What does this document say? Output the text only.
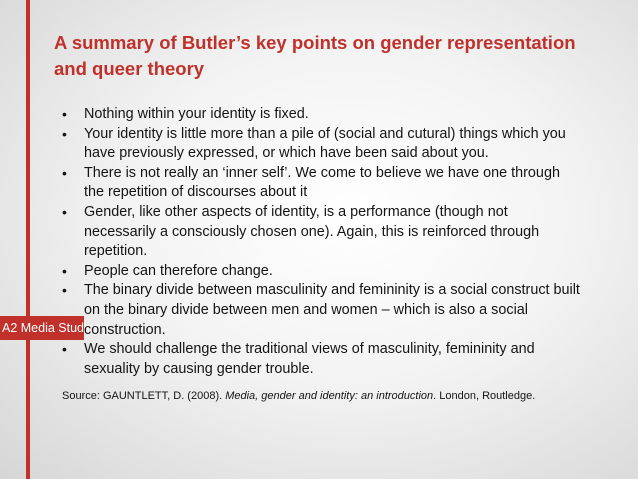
A2 Media Studies
A summary of Butler’s key points on gender representation
and queer theory
• Nothing within your identity is fixed.
• Your identity is little more than a pile of (social and cutural) things which you have previously expressed, or which have been said about you.
• There is not really an ‘inner self’. We come to believe we have one through the repetition of discourses about it
• Gender, like other aspects of identity, is a performance (though not necessarily a consciously chosen one). Again, this is reinforced through repetition.
• People can therefore change.
• The binary divide between masculinity and femininity is a social construct built on the binary divide between men and women – which is also a social construction.
• We should challenge the traditional views of masculinity, femininity and sexuality by causing gender trouble.
Source: GAUNTLETT, D. (2008). Media, gender and identity: an introduction. London, Routledge.
